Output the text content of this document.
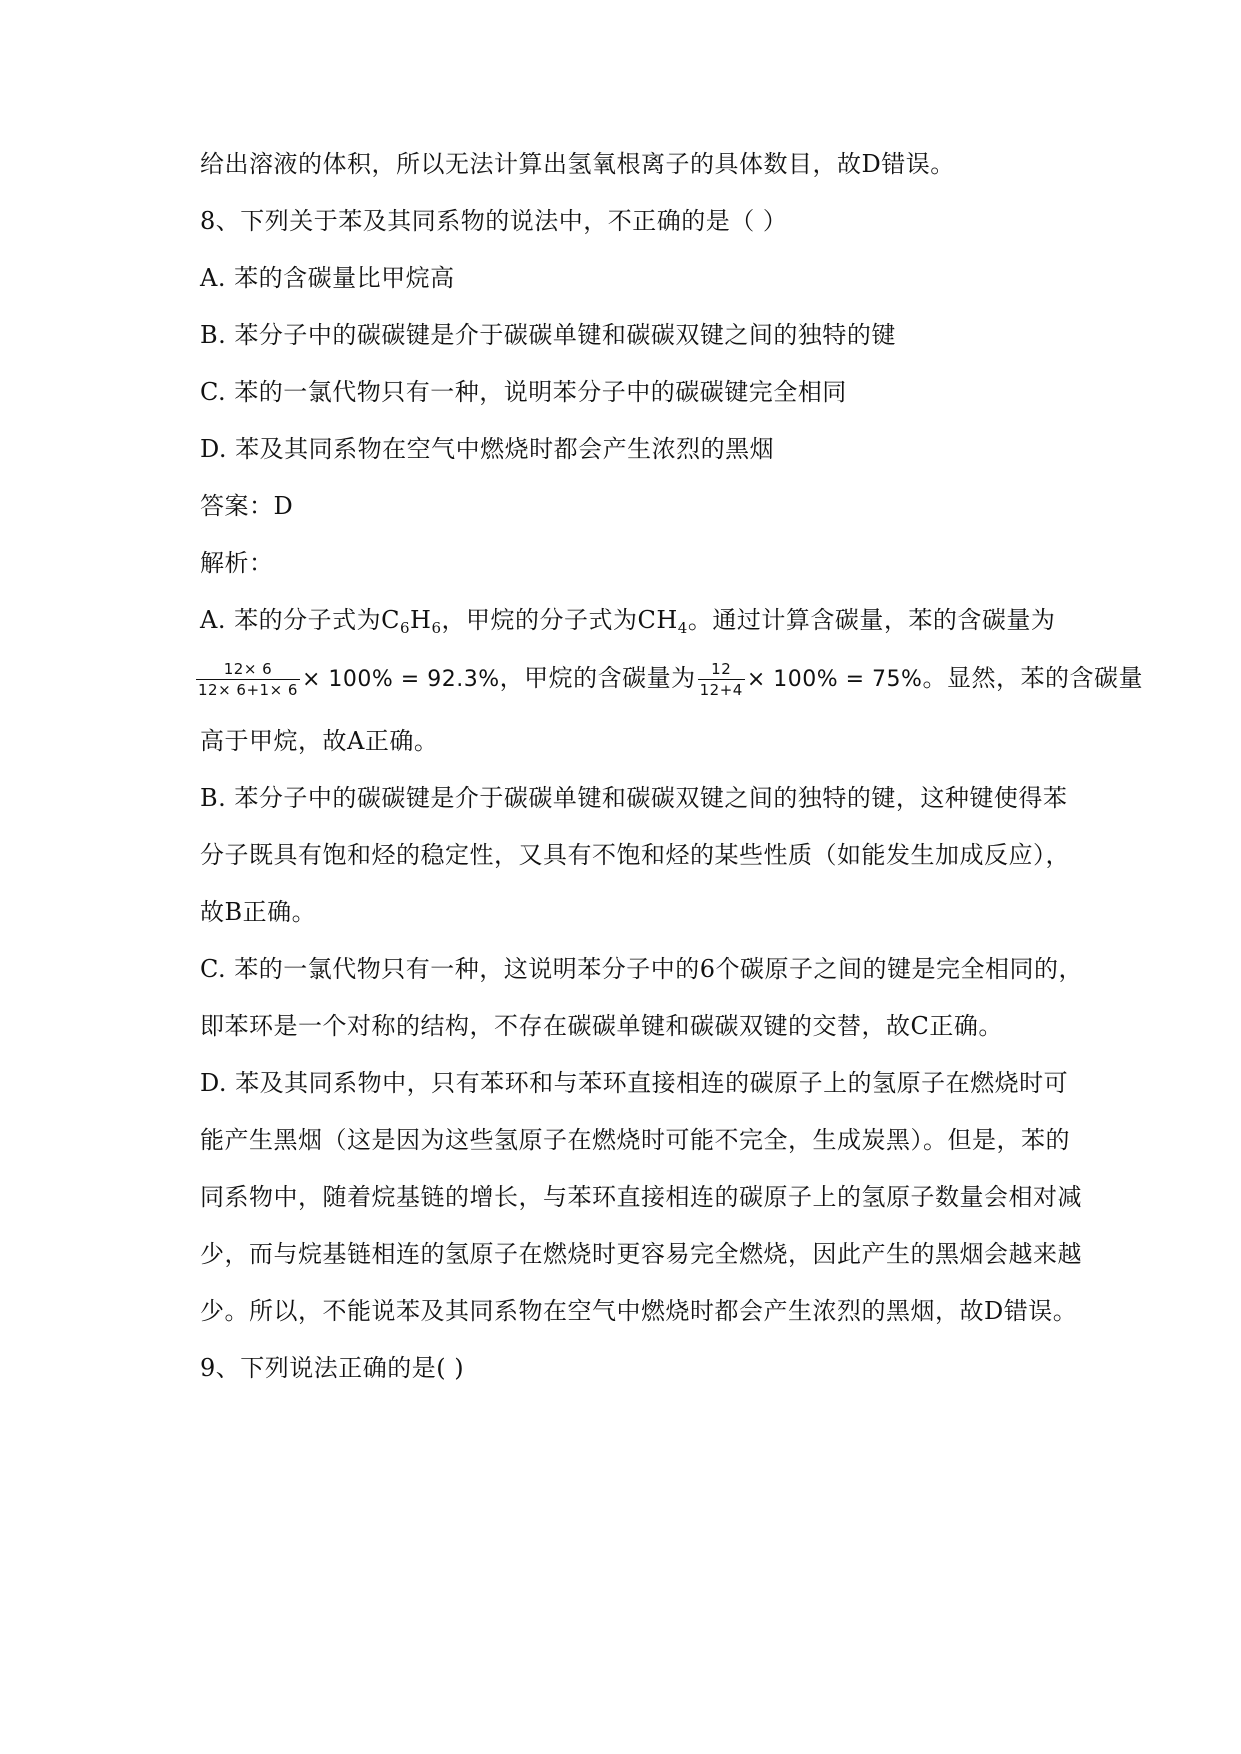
给出溶液的体积，所以无法计算出氢氧根离子的具体数目，故D错误。
8、下列关于苯及其同系物的说法中，不正确的是（ ）
A. 苯的含碳量比甲烷高
B. 苯分子中的碳碳键是介于碳碳单键和碳碳双键之间的独特的键
C. 苯的一氯代物只有一种，说明苯分子中的碳碳键完全相同
D. 苯及其同系物在空气中燃烧时都会产生浓烈的黑烟
答案：D
解析：
A. 苯的分子式为$C_6H_6$，甲烷的分子式为$CH_4$。通过计算含碳量，苯的含碳量为
$\frac{12\times 6}{12\times 6+1\times 6} \times 100\% = 92.3\%$，甲烷的含碳量为 $\frac{12}{12+4} \times 100\% = 75\%$。显然，苯的含碳量
高于甲烷，故A正确。
B. 苯分子中的碳碳键是介于碳碳单键和碳碳双键之间的独特的键，这种键使得苯
分子既具有饱和烃的稳定性，又具有不饱和烃的某些性质（如能发生加成反应），
故B正确。
C. 苯的一氯代物只有一种，这说明苯分子中的6个碳原子之间的键是完全相同的，
即苯环是一个对称的结构，不存在碳碳单键和碳碳双键的交替，故C正确。
D. 苯及其同系物中，只有苯环和与苯环直接相连的碳原子上的氢原子在燃烧时可
能产生黑烟（这是因为这些氢原子在燃烧时可能不完全，生成炭黑）。但是，苯的
同系物中，随着烷基链的增长，与苯环直接相连的碳原子上的氢原子数量会相对减
少，而与烷基链相连的氢原子在燃烧时更容易完全燃烧，因此产生的黑烟会越来越
少。所以，不能说苯及其同系物在空气中燃烧时都会产生浓烈的黑烟，故D错误。
9、下列说法正确的是( )
